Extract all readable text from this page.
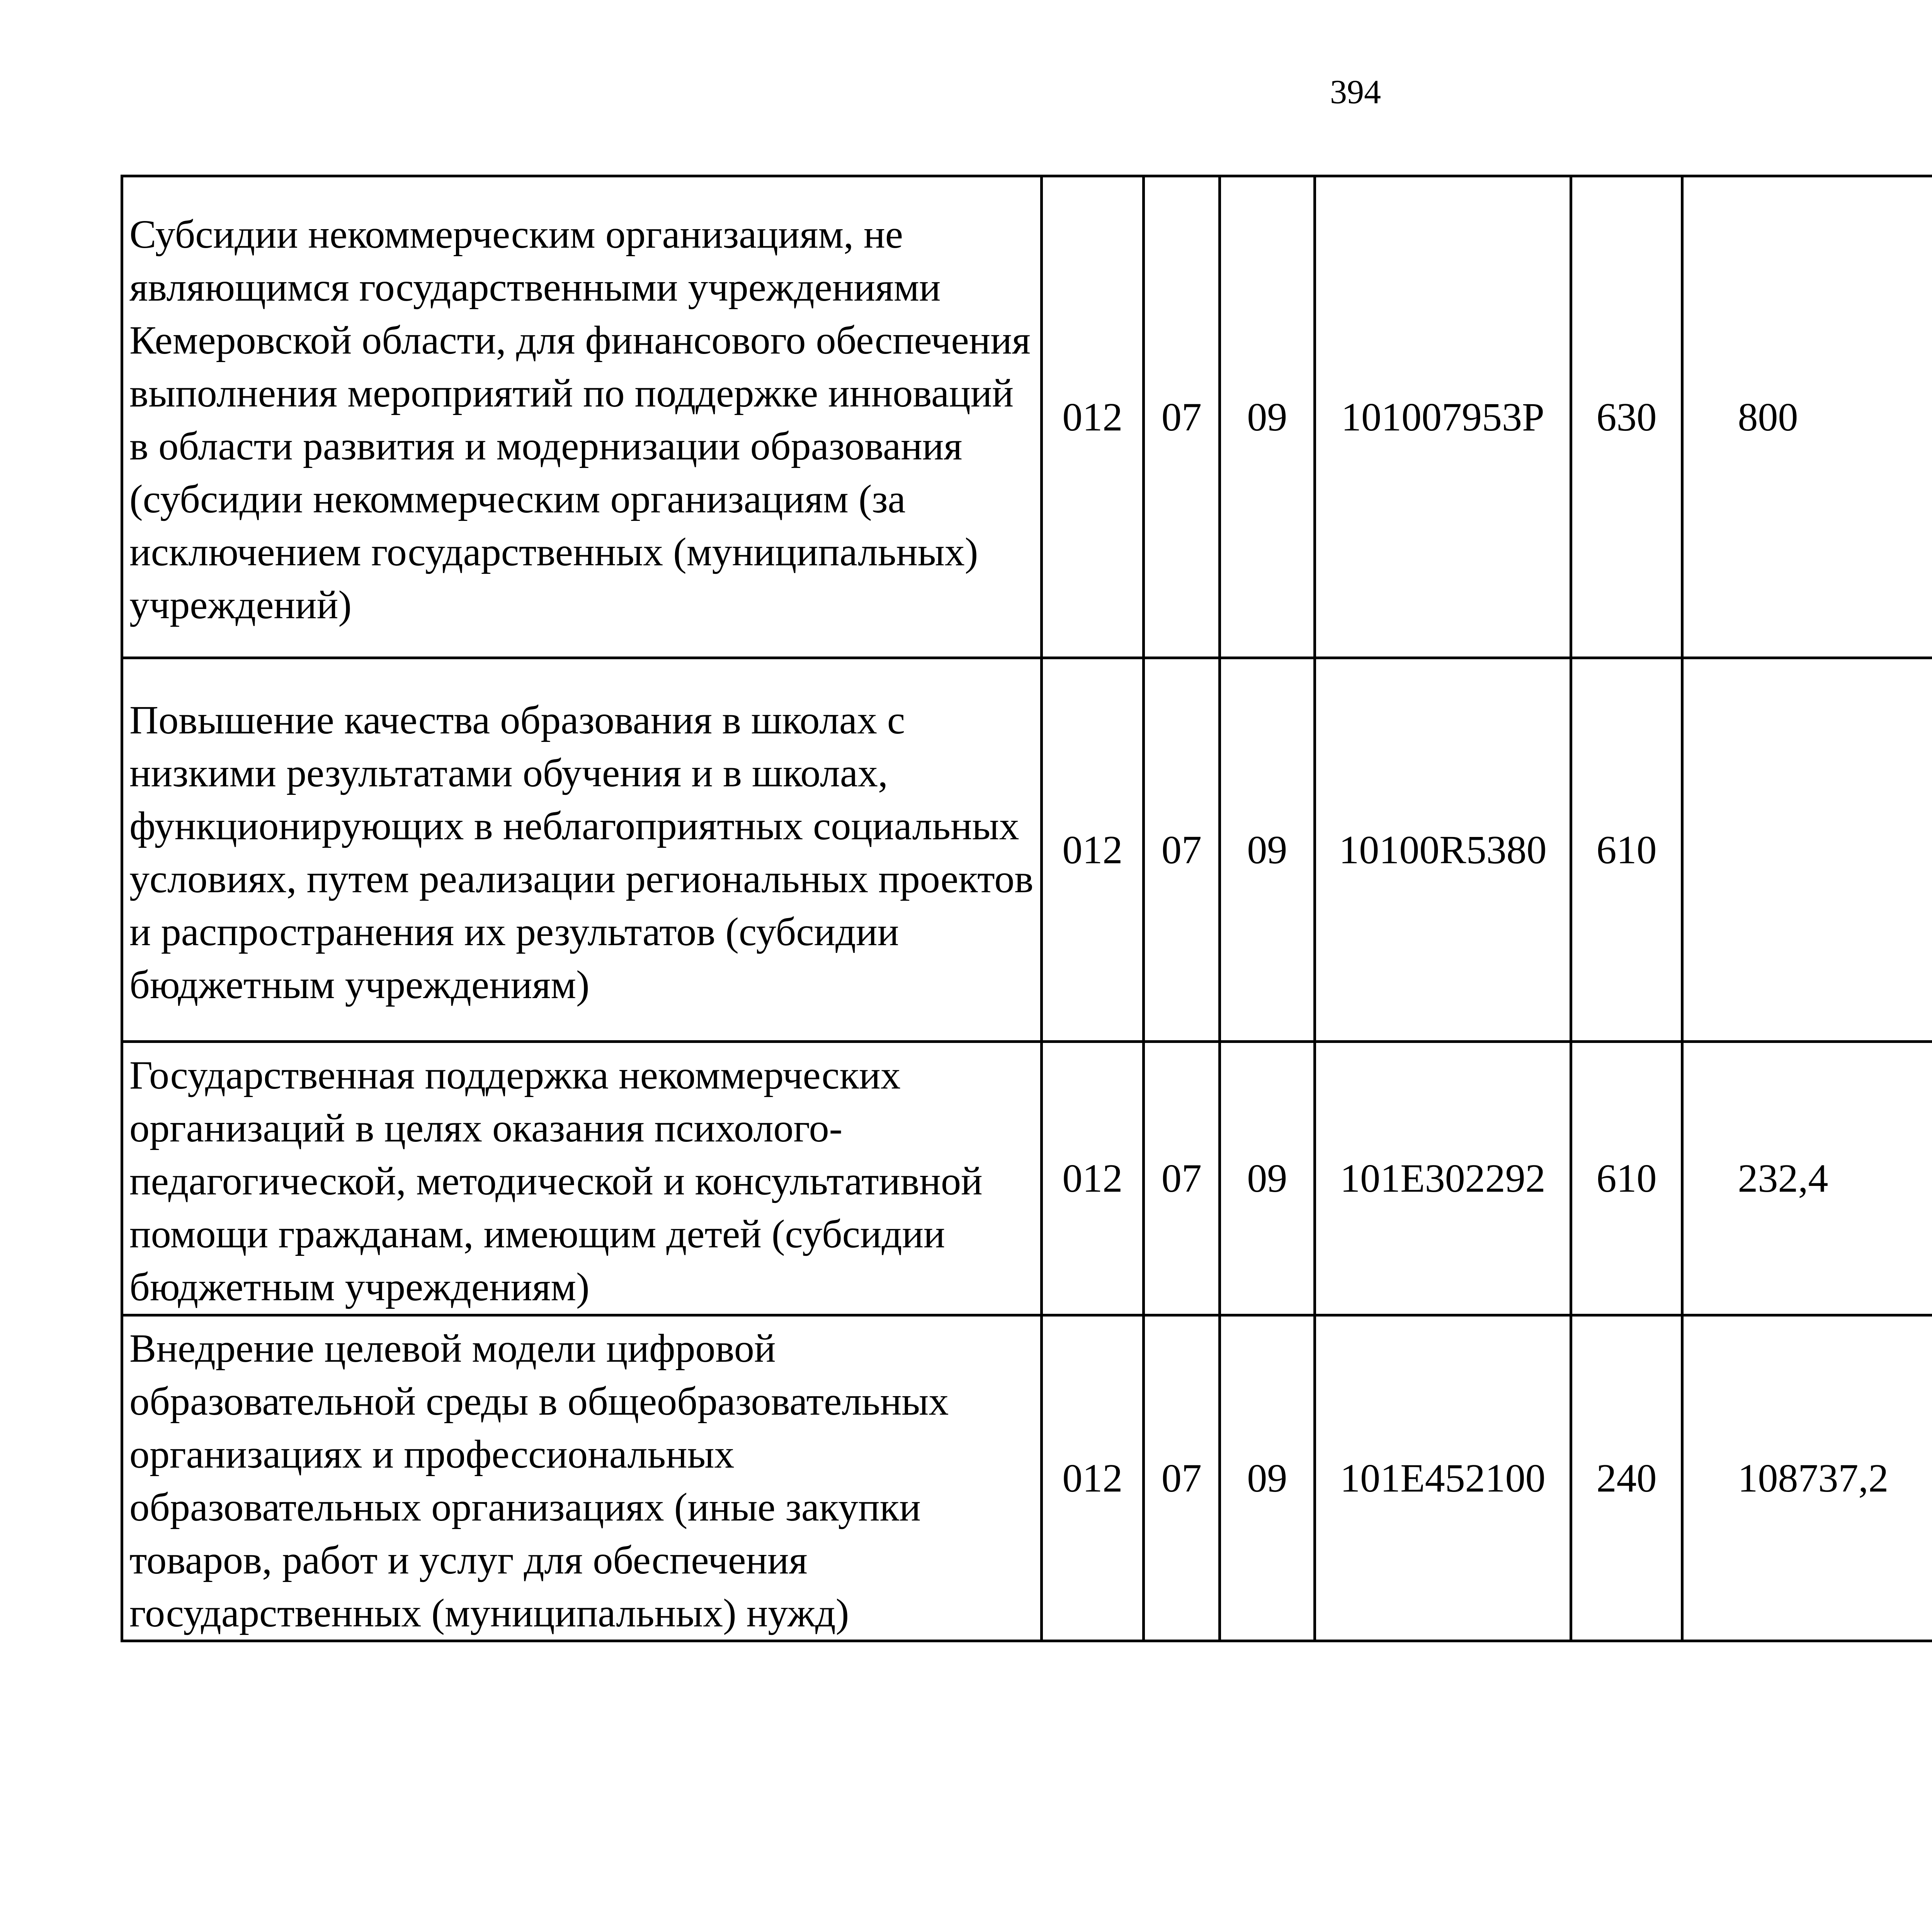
394
Субсидии некоммерческим организациям, не являющимся государственными учреждениями Кемеровской области, для финансового обеспечения выполнения мероприятий по поддержке инноваций в области развития и модернизации образования (субсидии некоммерческим организациям (за исключением государственных (муниципальных) учреждений)	012	07	09	101007953P	630	800		
Повышение качества образования в школах с низкими результатами обучения и в школах, функционирующих в неблагоприятных социальных условиях, путем реализации региональных проектов и распространения их результатов (субсидии бюджетным учреждениям)	012	07	09	10100R5380	610			
Государственная поддержка некоммерческих организаций в целях оказания психолого-педагогической, методической и консультативной помощи гражданам, имеющим детей (субсидии бюджетным учреждениям)	012	07	09	101E302292	610	232,4		
Внедрение целевой модели цифровой образовательной среды в общеобразовательных организациях и профессиональных образовательных организациях (иные закупки товаров, работ и услуг для обеспечения государственных (муниципальных) нужд)	012	07	09	101E452100	240	108737,2		
